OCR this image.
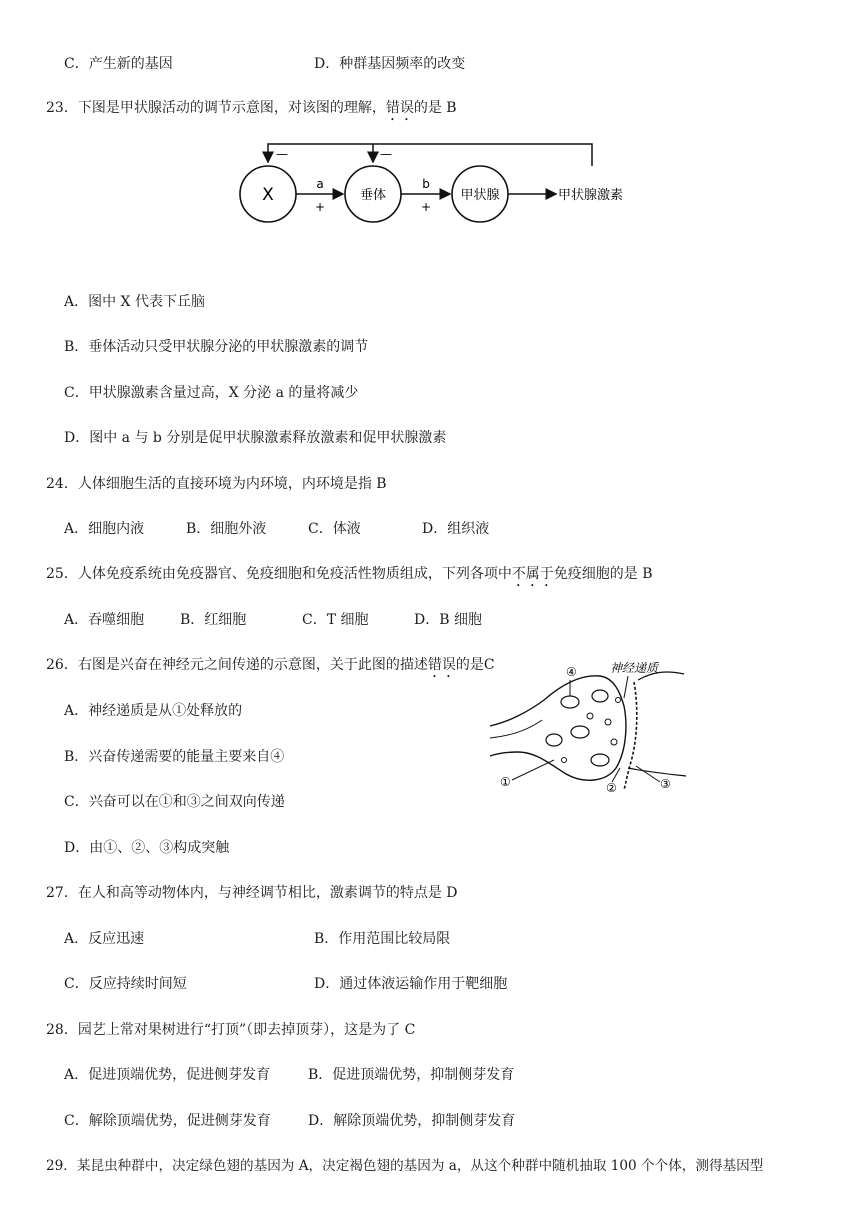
C．产生新的基因	D．种群基因频率的改变
23．下图是甲状腺活动的调节示意图，对该图的理解，错误的是 B
—	—
X	垂体	甲状腺
a
+
b
+
甲状腺激素
A．图中 X 代表下丘脑
B．垂体活动只受甲状腺分泌的甲状腺激素的调节
C．甲状腺激素含量过高，X 分泌 a 的量将减少
D．图中 a 与 b 分别是促甲状腺激素释放激素和促甲状腺激素
24．人体细胞生活的直接环境为内环境，内环境是指 B
A．细胞内液	B．细胞外液	C．体液	D．组织液
25．人体免疫系统由免疫器官、免疫细胞和免疫活性物质组成，下列各项中不属于免疫细胞的是 B
A．吞噬细胞	B．红细胞	C．T 细胞	D．B 细胞
26．右图是兴奋在神经元之间传递的示意图，关于此图的描述错误的是C	神经递质
④
①	②	③
A．神经递质是从①处释放的
B．兴奋传递需要的能量主要来自④
C．兴奋可以在①和③之间双向传递
D．由①、②、③构成突触
27．在人和高等动物体内，与神经调节相比，激素调节的特点是 D
A．反应迅速	B．作用范围比较局限
C．反应持续时间短	D．通过体液运输作用于靶细胞
28．园艺上常对果树进行“打顶”（即去掉顶芽），这是为了 C
A．促进顶端优势，促进侧芽发育	B．促进顶端优势，抑制侧芽发育
C．解除顶端优势，促进侧芽发育	D．解除顶端优势，抑制侧芽发育
29．某昆虫种群中，决定绿色翅的基因为 A，决定褐色翅的基因为 a，从这个种群中随机抽取 100 个个体，测得基因型
